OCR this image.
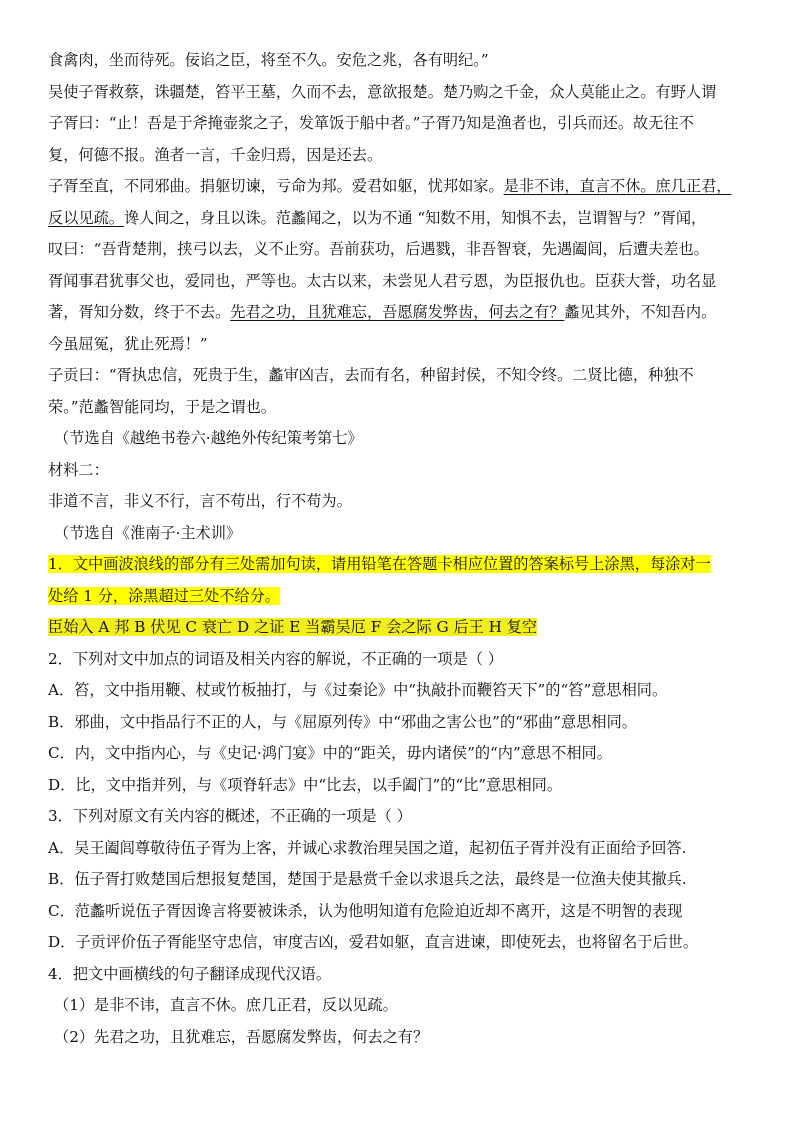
食禽肉，坐而待死。佞谄之臣，将至不久。安危之兆，各有明纪。”
吴使子胥救蔡，诛疆楚，笞平王墓，久而不去，意欲报楚。楚乃购之千金，众人莫能止之。有野人谓
子胥曰：“止！吾是于斧掩壶浆之子，发箪饭于船中者。”子胥乃知是渔者也，引兵而还。故无往不
复，何德不报。渔者一言，千金归焉，因是还去。
子胥至直，不同邪曲。捐躯切谏，亏命为邦。爱君如躯，忧邦如家。是非不讳，直言不休。庶几正君，
反以见疏。谗人间之，身且以诛。范蠡闻之，以为不通 “知数不用，知惧不去，岂谓智与？”胥闻，
叹曰：“吾背楚荆，挟弓以去，义不止穷。吾前获功，后遇戮，非吾智衰，先遇阖闾，后遭夫差也。
胥闻事君犹事父也，爱同也，严等也。太古以来，未尝见人君亏恩，为臣报仇也。臣获大誉，功名显
著，胥知分数，终于不去。先君之功，且犹难忘，吾愿腐发弊齿，何去之有？蠡见其外，不知吾内。
今虽屈冤，犹止死焉！”
子贡曰：“胥执忠信，死贵于生，蠡审凶吉，去而有名，种留封侯，不知令终。二贤比德，种独不
荣。”范蠡智能同均，于是之谓也。
（节选自《越绝书卷六·越绝外传纪策考第七》
材料二：
非道不言，非义不行，言不苟出，行不苟为。
（节选自《淮南子·主术训》
1．文中画波浪线的部分有三处需加句读，请用铅笔在答题卡相应位置的答案标号上涂黑，每涂对一
处给 1 分，涂黑超过三处不给分。
臣始入 A 邦 B 伏见 C 衰亡 D 之证 E 当霸吴厄 F 会之际 G 后王 H 复空
2．下列对文中加点的词语及相关内容的解说，不正确的一项是（ ）
A．笞，文中指用鞭、杖或竹板抽打，与《过秦论》中“执敲扑而鞭笞天下”的“笞”意思相同。
B．邪曲，文中指品行不正的人，与《屈原列传》中“邪曲之害公也”的“邪曲”意思相同。
C．内，文中指内心，与《史记·鸿门宴》中的“距关，毋内诸侯”的“内”意思不相同。
D．比，文中指并列，与《项脊轩志》中“比去，以手阖门”的“比”意思相同。
3．下列对原文有关内容的概述，不正确的一项是（ ）
A．吴王阖闾尊敬待伍子胥为上客，并诚心求教治理吴国之道，起初伍子胥并没有正面给予回答.
B．伍子胥打败楚国后想报复楚国，楚国于是悬赏千金以求退兵之法，最终是一位渔夫使其撤兵.
C．范蠡听说伍子胥因谗言将要被诛杀，认为他明知道有危险迫近却不离开，这是不明智的表现
D．子贡评价伍子胥能坚守忠信，审度吉凶，爱君如躯，直言进谏，即使死去，也将留名于后世。
4．把文中画横线的句子翻译成现代汉语。
（1）是非不讳，直言不休。庶几正君，反以见疏。
（2）先君之功，且犹难忘，吾愿腐发弊齿，何去之有？
